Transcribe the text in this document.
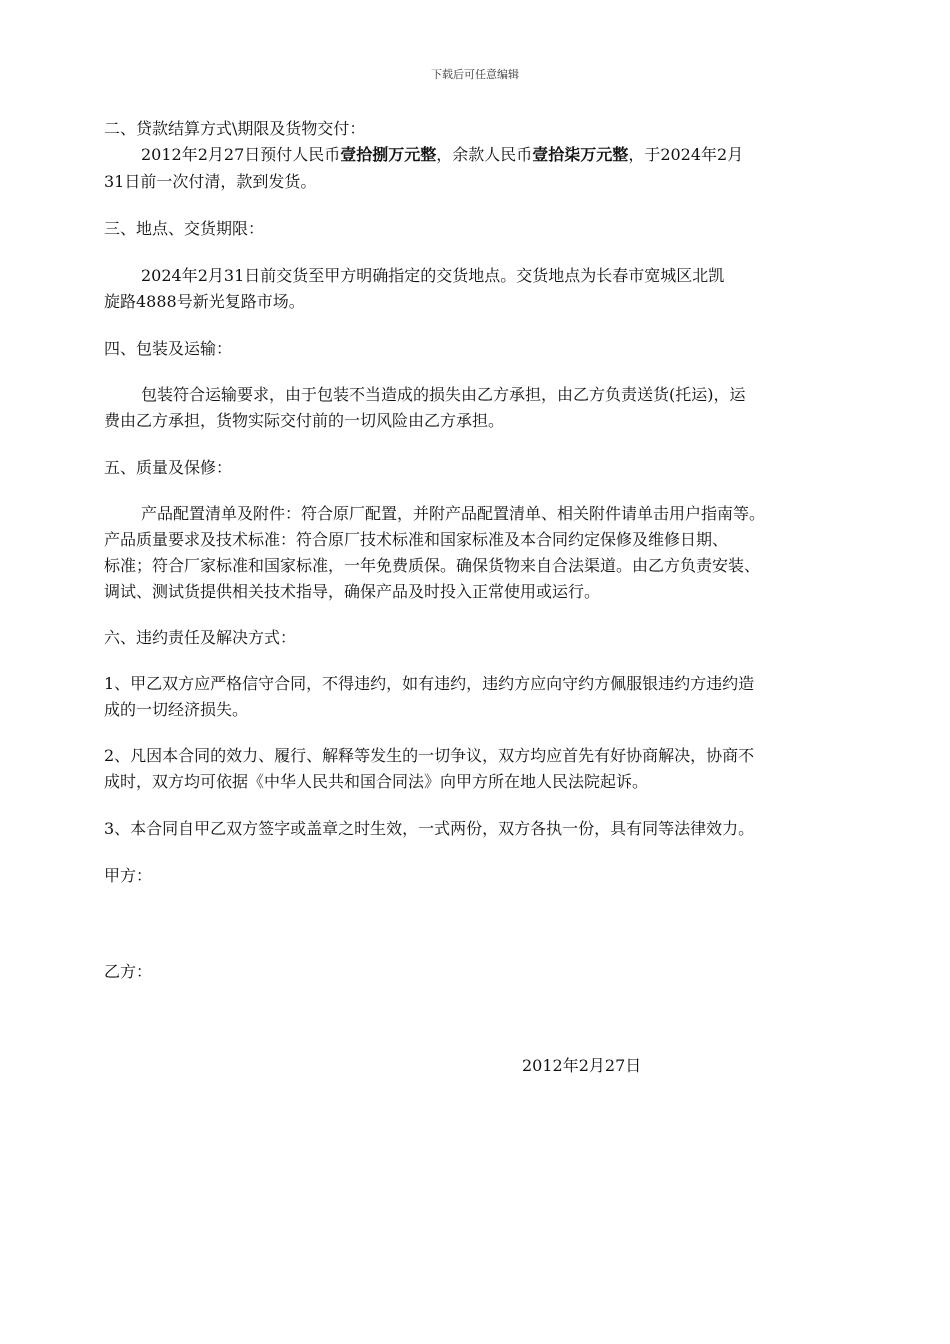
下载后可任意编辑
二、贷款结算方式\期限及货物交付：
2012年2月27日预付人民币壹拾捌万元整，余款人民币壹拾柒万元整，于2024年2月
31日前一次付清，款到发货。
三、地点、交货期限：
2024年2月31日前交货至甲方明确指定的交货地点。交货地点为长春市宽城区北凯
旋路4888号新光复路市场。
四、包装及运输：
包装符合运输要求，由于包装不当造成的损失由乙方承担，由乙方负责送货(托运)，运
费由乙方承担，货物实际交付前的一切风险由乙方承担。
五、质量及保修：
产品配置清单及附件：符合原厂配置，并附产品配置清单、相关附件请单击用户指南等。
产品质量要求及技术标准：符合原厂技术标准和国家标准及本合同约定保修及维修日期、
标准；符合厂家标准和国家标准，一年免费质保。确保货物来自合法渠道。由乙方负责安装、
调试、测试货提供相关技术指导，确保产品及时投入正常使用或运行。
六、违约责任及解决方式：
1、甲乙双方应严格信守合同，不得违约，如有违约，违约方应向守约方佩服银违约方违约造
成的一切经济损失。
2、凡因本合同的效力、履行、解释等发生的一切争议，双方均应首先有好协商解决，协商不
成时，双方均可依据《中华人民共和国合同法》向甲方所在地人民法院起诉。
3、本合同自甲乙双方签字或盖章之时生效，一式两份，双方各执一份，具有同等法律效力。
甲方：
乙方：
2012年2月27日
